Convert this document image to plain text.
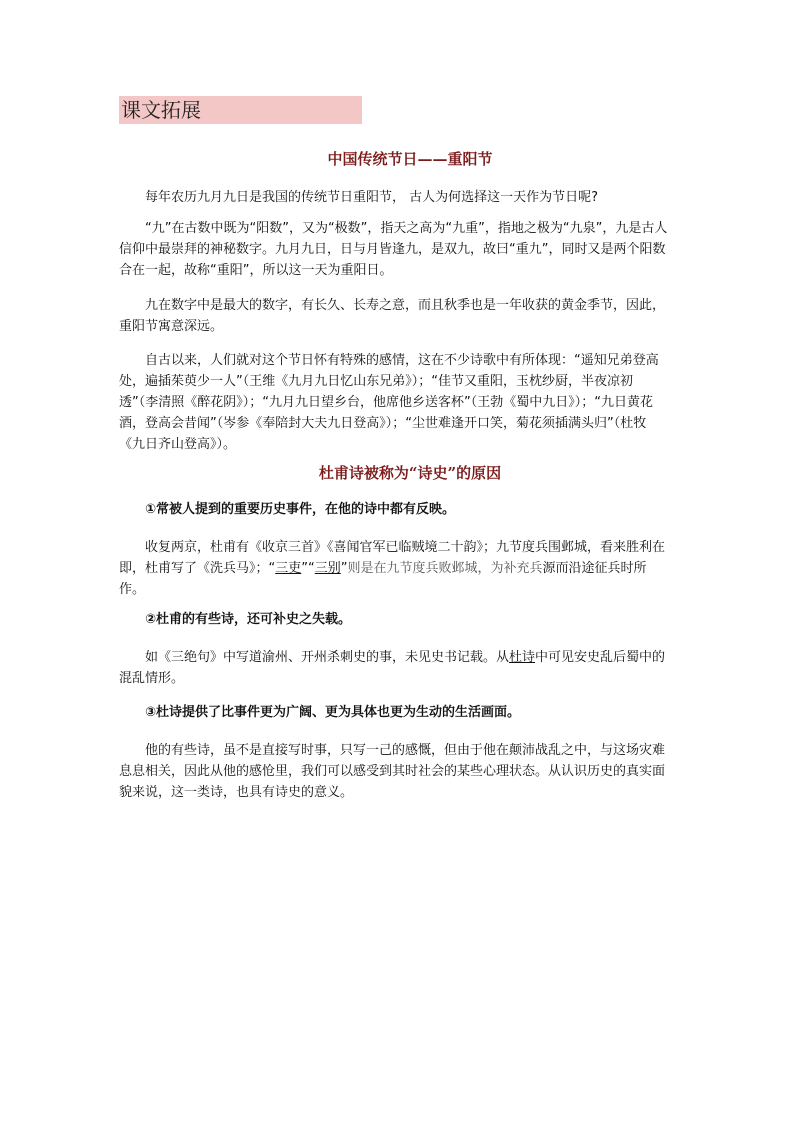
课文拓展
中国传统节日——重阳节
每年农历九月九日是我国的传统节日重阳节， 古人为何选择这一天作为节日呢?
“九”在古数中既为“阳数”，又为“极数”，指天之高为“九重”，指地之极为“九泉”，九是古人信仰中最崇拜的神秘数字。九月九日，日与月皆逢九，是双九，故曰“重九”，同时又是两个阳数合在一起，故称“重阳”，所以这一天为重阳日。
九在数字中是最大的数字，有长久、长寿之意，而且秋季也是一年收获的黄金季节，因此，重阳节寓意深远。
自古以来，人们就对这个节日怀有特殊的感情，这在不少诗歌中有所体现：“遥知兄弟登高处，遍插茱萸少一人”（王维《九月九日忆山东兄弟》）；“佳节又重阳，玉枕纱厨，半夜凉初透”（李清照《醉花阴》）；“九月九日望乡台，他席他乡送客杯”（王勃《蜀中九日》）；“九日黄花酒，登高会昔闻”（岑参《奉陪封大夫九日登高》）；“尘世难逢开口笑，菊花须插满头归”（杜牧《九日齐山登高》）。
杜甫诗被称为“诗史”的原因
①常被人提到的重要历史事件，在他的诗中都有反映。
收复两京，杜甫有《收京三首》《喜闻官军已临贼境二十韵》；九节度兵围邺城，看来胜利在即，杜甫写了《洗兵马》；“三吏”“三别”则是在九节度兵败邺城，为补充兵源而沿途征兵时所作。
②杜甫的有些诗，还可补史之失载。
如《三绝句》中写道渝州、开州杀刺史的事，未见史书记载。从杜诗中可见安史乱后蜀中的混乱情形。
③杜诗提供了比事件更为广阔、更为具体也更为生动的生活画面。
他的有些诗，虽不是直接写时事，只写一己的感慨，但由于他在颠沛战乱之中，与这场灾难息息相关，因此从他的感怆里，我们可以感受到其时社会的某些心理状态。从认识历史的真实面貌来说，这一类诗，也具有诗史的意义。
